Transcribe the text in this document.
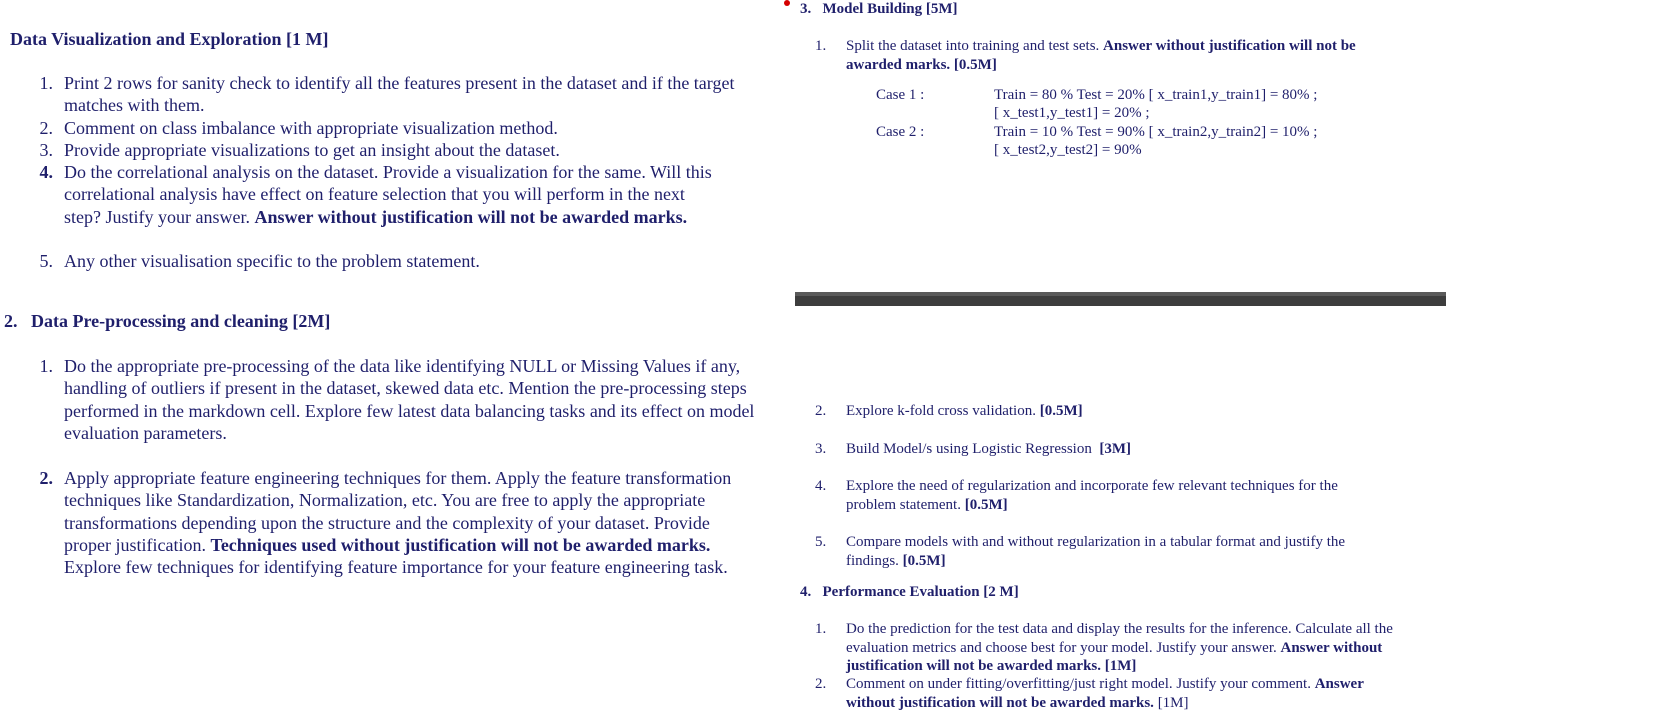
Data Visualization and Exploration [1 M]
1. Print 2 rows for sanity check to identify all the features present in the dataset and if the target matches with them.
2. Comment on class imbalance with appropriate visualization method.
3. Provide appropriate visualizations to get an insight about the dataset.
4. Do the correlational analysis on the dataset. Provide a visualization for the same. Will this correlational analysis have effect on feature selection that you will perform in the next step? Justify your answer. Answer without justification will not be awarded marks.
5. Any other visualisation specific to the problem statement.
2. Data Pre-processing and cleaning [2M]
1. Do the appropriate pre-processing of the data like identifying NULL or Missing Values if any, handling of outliers if present in the dataset, skewed data etc. Mention the pre-processing steps performed in the markdown cell. Explore few latest data balancing tasks and its effect on model evaluation parameters.
2. Apply appropriate feature engineering techniques for them. Apply the feature transformation techniques like Standardization, Normalization, etc. You are free to apply the appropriate transformations depending upon the structure and the complexity of your dataset. Provide proper justification. Techniques used without justification will not be awarded marks.  Explore few techniques for identifying feature importance for your feature engineering task.
3. Model Building [5M]
1.	Split the dataset into training and test sets. Answer without justification will not be awarded marks. [0.5M]
Case 1 :	Train = 80 % Test = 20% [ x_train1,y_train1] = 80% ;
[ x_test1,y_test1] = 20% ;
Case 2 :	Train = 10 % Test = 90% [ x_train2,y_train2] = 10% ;
[ x_test2,y_test2] = 90%
2.	Explore k-fold cross validation. [0.5M]
3.	Build Model/s using Logistic Regression [3M]
4.	Explore the need of regularization and incorporate few relevant techniques for the problem statement. [0.5M]
5.	Compare models with and without regularization in a tabular format and justify the findings. [0.5M]
4. Performance Evaluation [2 M]
1.	Do the prediction for the test data and display the results for the inference. Calculate all the evaluation metrics and choose best for your model. Justify your answer. Answer without justification will not be awarded marks. [1M]
2.	Comment on under fitting/overfitting/just right model. Justify your comment. Answer without justification will not be awarded marks. [1M]
